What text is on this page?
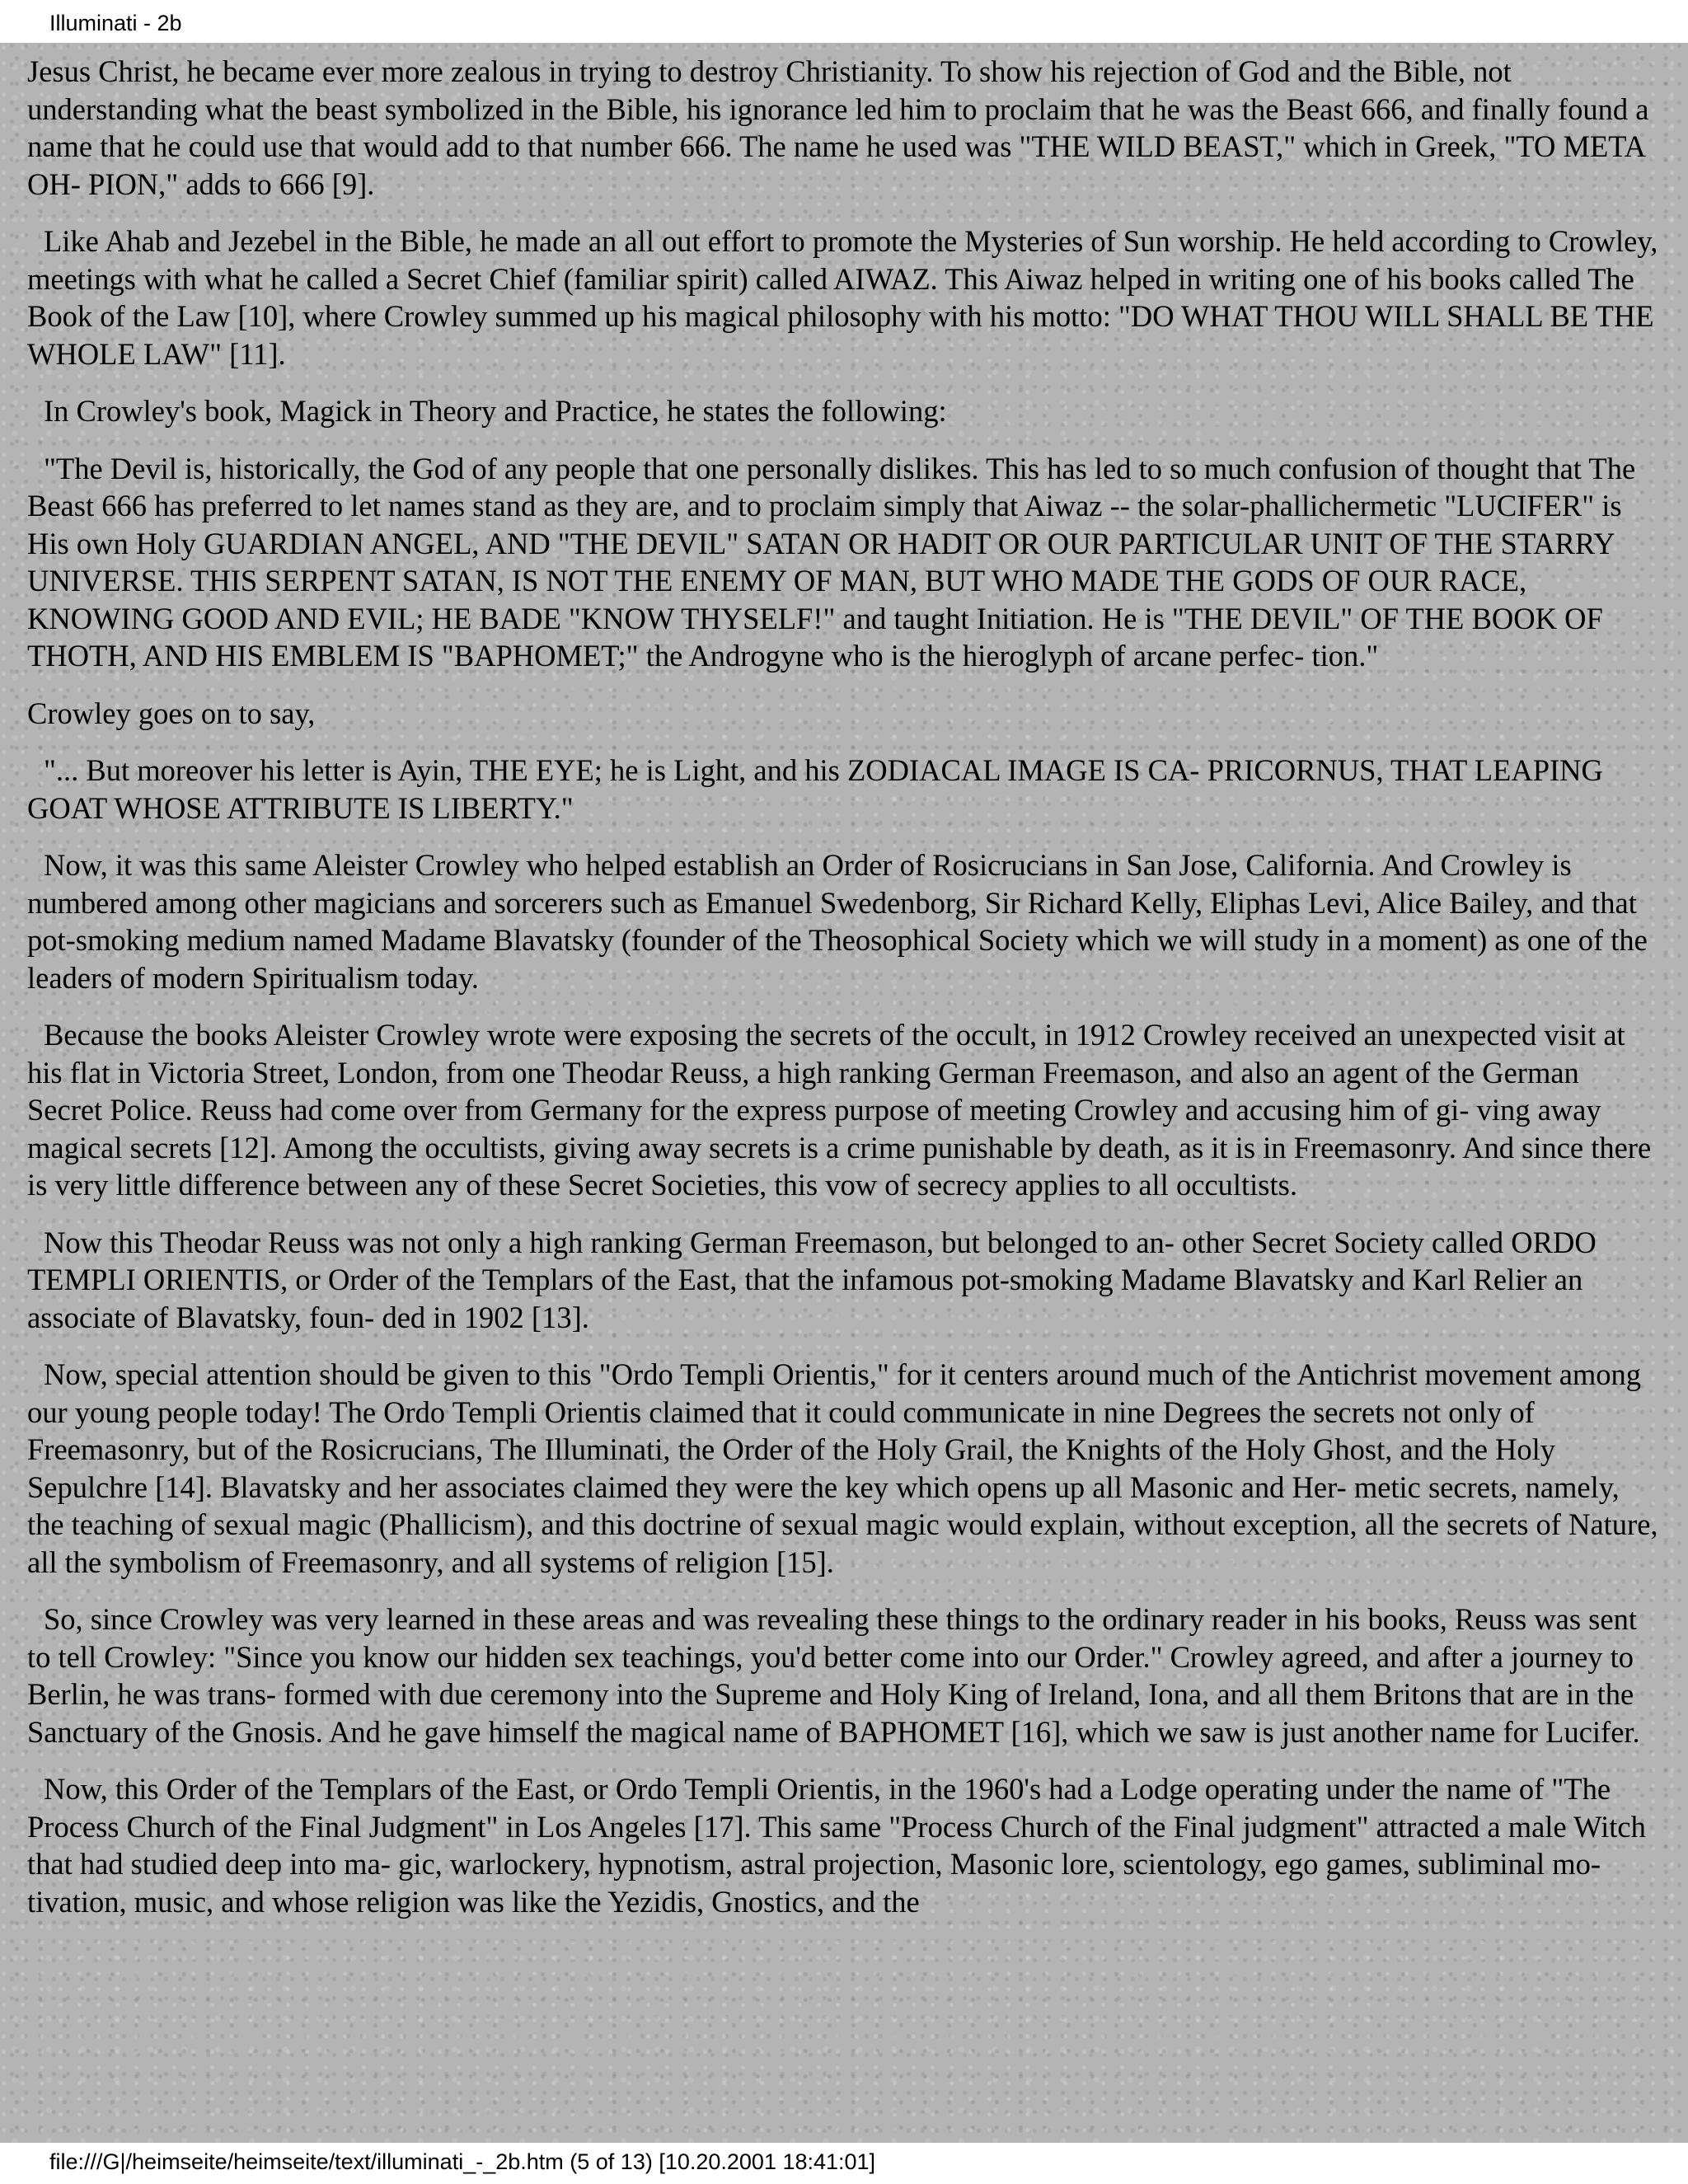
Illuminati - 2b

Jesus Christ, he became ever more zealous in trying to destroy Christianity. To show his rejection of God and the Bible, not understanding what the beast symbolized in the Bible, his ignorance led him to proclaim that he was the Beast 666, and finally found a name that he could use that would add to that number 666. The name he used was "THE WILD BEAST," which in Greek, "TO META OH- PION," adds to 666 [9].

Like Ahab and Jezebel in the Bible, he made an all out effort to promote the Mysteries of Sun worship. He held according to Crowley, meetings with what he called a Secret Chief (familiar spirit) called AIWAZ. This Aiwaz helped in writing one of his books called The Book of the Law [10], where Crowley summed up his magical philosophy with his motto: "DO WHAT THOU WILL SHALL BE THE WHOLE LAW" [11].

In Crowley's book, Magick in Theory and Practice, he states the following:

"The Devil is, historically, the God of any people that one personally dislikes. This has led to so much confusion of thought that The Beast 666 has preferred to let names stand as they are, and to proclaim simply that Aiwaz -- the solar-phallichermetic "LUCIFER" is His own Holy GUARDIAN ANGEL, AND "THE DEVIL" SATAN OR HADIT OR OUR PARTICULAR UNIT OF THE STARRY UNIVERSE. THIS SERPENT SATAN, IS NOT THE ENEMY OF MAN, BUT WHO MADE THE GODS OF OUR RACE, KNOWING GOOD AND EVIL; HE BADE "KNOW THYSELF!" and taught Initiation. He is "THE DEVIL" OF THE BOOK OF THOTH, AND HIS EMBLEM IS "BAPHOMET;" the Androgyne who is the hieroglyph of arcane perfec- tion."

Crowley goes on to say,

"... But moreover his letter is Ayin, THE EYE; he is Light, and his ZODIACAL IMAGE IS CA- PRICORNUS, THAT LEAPING GOAT WHOSE ATTRIBUTE IS LIBERTY."

Now, it was this same Aleister Crowley who helped establish an Order of Rosicrucians in San Jose, California. And Crowley is numbered among other magicians and sorcerers such as Emanuel Swedenborg, Sir Richard Kelly, Eliphas Levi, Alice Bailey, and that pot-smoking medium named Madame Blavatsky (founder of the Theosophical Society which we will study in a moment) as one of the leaders of modern Spiritualism today.

Because the books Aleister Crowley wrote were exposing the secrets of the occult, in 1912 Crowley received an unexpected visit at his flat in Victoria Street, London, from one Theodar Reuss, a high ranking German Freemason, and also an agent of the German Secret Police. Reuss had come over from Germany for the express purpose of meeting Crowley and accusing him of gi- ving away magical secrets [12]. Among the occultists, giving away secrets is a crime punishable by death, as it is in Freemasonry. And since there is very little difference between any of these Secret Societies, this vow of secrecy applies to all occultists.

Now this Theodar Reuss was not only a high ranking German Freemason, but belonged to an- other Secret Society called ORDO TEMPLI ORIENTIS, or Order of the Templars of the East, that the infamous pot-smoking Madame Blavatsky and Karl Relier an associate of Blavatsky, foun- ded in 1902 [13].

Now, special attention should be given to this "Ordo Templi Orientis," for it centers around much of the Antichrist movement among our young people today! The Ordo Templi Orientis claimed that it could communicate in nine Degrees the secrets not only of Freemasonry, but of the Rosicrucians, The Illuminati, the Order of the Holy Grail, the Knights of the Holy Ghost, and the Holy Sepulchre [14]. Blavatsky and her associates claimed they were the key which opens up all Masonic and Her- metic secrets, namely, the teaching of sexual magic (Phallicism), and this doctrine of sexual magic would explain, without exception, all the secrets of Nature, all the symbolism of Freemasonry, and all systems of religion [15].

So, since Crowley was very learned in these areas and was revealing these things to the ordinary reader in his books, Reuss was sent to tell Crowley: "Since you know our hidden sex teachings, you'd better come into our Order." Crowley agreed, and after a journey to Berlin, he was trans- formed with due ceremony into the Supreme and Holy King of Ireland, Iona, and all them Britons that are in the Sanctuary of the Gnosis. And he gave himself the magical name of BAPHOMET [16], which we saw is just another name for Lucifer.

Now, this Order of the Templars of the East, or Ordo Templi Orientis, in the 1960's had a Lodge operating under the name of "The Process Church of the Final Judgment" in Los Angeles [17]. This same "Process Church of the Final judgment" attracted a male Witch that had studied deep into ma- gic, warlockery, hypnotism, astral projection, Masonic lore, scientology, ego games, subliminal mo- tivation, music, and whose religion was like the Yezidis, Gnostics, and the

file:///G|/heimseite/heimseite/text/illuminati_-_2b.htm (5 of 13) [10.20.2001 18:41:01]
